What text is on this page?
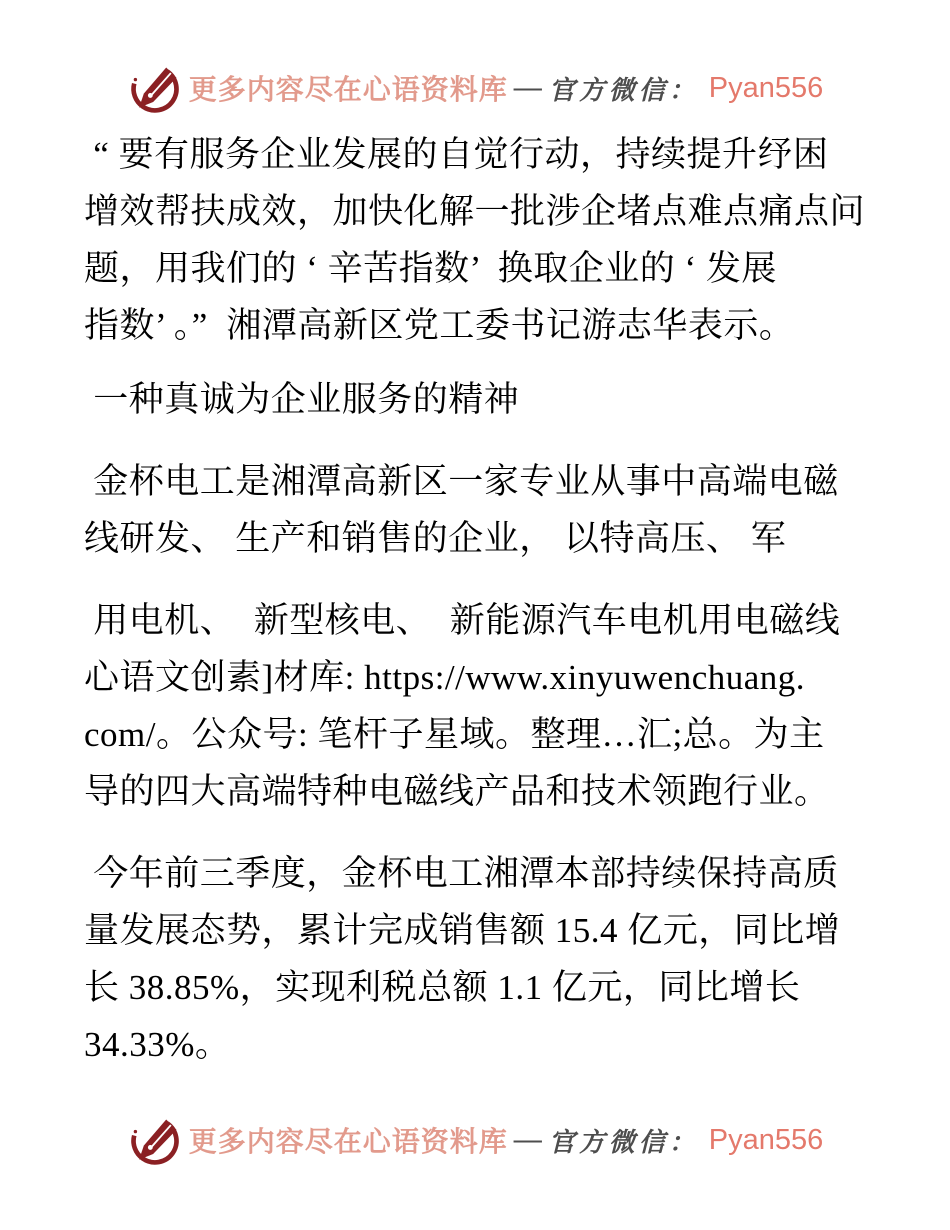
更多内容尽在心语资料库 — 官方微信： Pyan556
“ 要有服务企业发展的自觉行动，持续提升纾困
增效帮扶成效，加快化解一批涉企堵点难点痛点问
题，用我们的 ‘ 辛苦指数’  换取企业的 ‘ 发展
指数’ 。”  湘潭高新区党工委书记游志华表示。
一种真诚为企业服务的精神
金杯电工是湘潭高新区一家专业从事中高端电磁
线研发、 生产和销售的企业， 以特高压、 军
用电机、  新型核电、  新能源汽车电机用电磁线
心语文创素]材库: https://www.xinyuwenchuang.
com/。公众号: 笔杆子星域。整理…汇;总。为主
导的四大高端特种电磁线产品和技术领跑行业。
今年前三季度，金杯电工湘潭本部持续保持高质
量发展态势，累计完成销售额 15.4 亿元，同比增
长 38.85%，实现利税总额 1.1 亿元，同比增长
34.33%。
更多内容尽在心语资料库 — 官方微信： Pyan556
